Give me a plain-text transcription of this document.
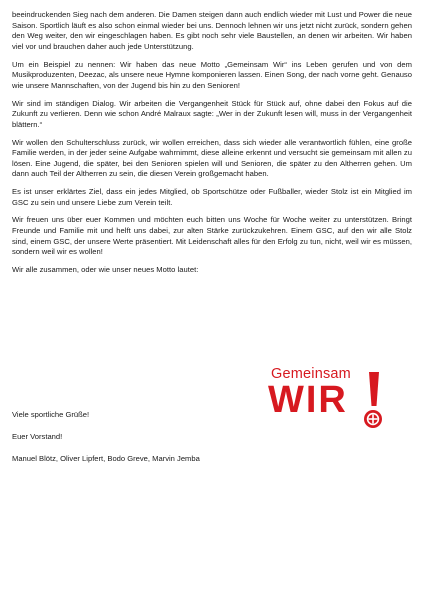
beeindruckenden Sieg nach dem anderen. Die Damen steigen dann auch endlich wieder mit Lust und Power die neue Saison. Sportlich läuft es also schon einmal wieder bei uns. Dennoch lehnen wir uns jetzt nicht zurück, sondern gehen den Weg weiter, den wir eingeschlagen haben. Es gibt noch sehr viele Baustellen, an denen wir arbeiten. Wir haben viel vor und brauchen daher auch jede Unterstützung.

Um ein Beispiel zu nennen: Wir haben das neue Motto „Gemeinsam Wir“ ins Leben gerufen und von dem Musikproduzenten, Deezac, als unsere neue Hymne komponieren lassen. Einen Song, der nach vorne geht. Genauso wie unsere Mannschaften, von der Jugend bis hin zu den Senioren!

Wir sind im ständigen Dialog. Wir arbeiten die Vergangenheit Stück für Stück auf, ohne dabei den Fokus auf die Zukunft zu verlieren. Denn wie schon André Malraux sagte: „Wer in der Zukunft lesen will, muss in der Vergangenheit blättern.“

Wir wollen den Schulterschluss zurück, wir wollen erreichen, dass sich wieder alle verantwortlich fühlen, eine große Familie werden, in der jeder seine Aufgabe wahrnimmt, diese alleine erkennt und versucht sie gemeinsam mit allen zu lösen. Eine Jugend, die später, bei den Senioren spielen will und Senioren, die später zu den Altherren gehen. Um dann auch Teil der Altherren zu sein, die diesen Verein großgemacht haben.

Es ist unser erklärtes Ziel, dass ein jedes Mitglied, ob Sportschütze oder Fußballer, wieder Stolz ist ein Mitglied im GSC zu sein und unsere Liebe zum Verein teilt.

Wir freuen uns über euer Kommen und möchten euch bitten uns Woche für Woche weiter zu unterstützen. Bringt Freunde und Familie mit und helft uns dabei, zur alten Stärke zurückzukehren. Einem GSC, auf den wir alle Stolz sind, einem GSC, der unsere Werte präsentiert. Mit Leidenschaft alles für den Erfolg zu tun, nicht, weil wir es müssen, sondern weil wir es wollen!

Wir alle zusammen, oder wie unser neues Motto lautet:

Gemeinsam
WIR
Viele sportliche Grüße!
Euer Vorstand!
Manuel Blötz, Oliver Lipfert, Bodo Greve, Marvin Jemba
